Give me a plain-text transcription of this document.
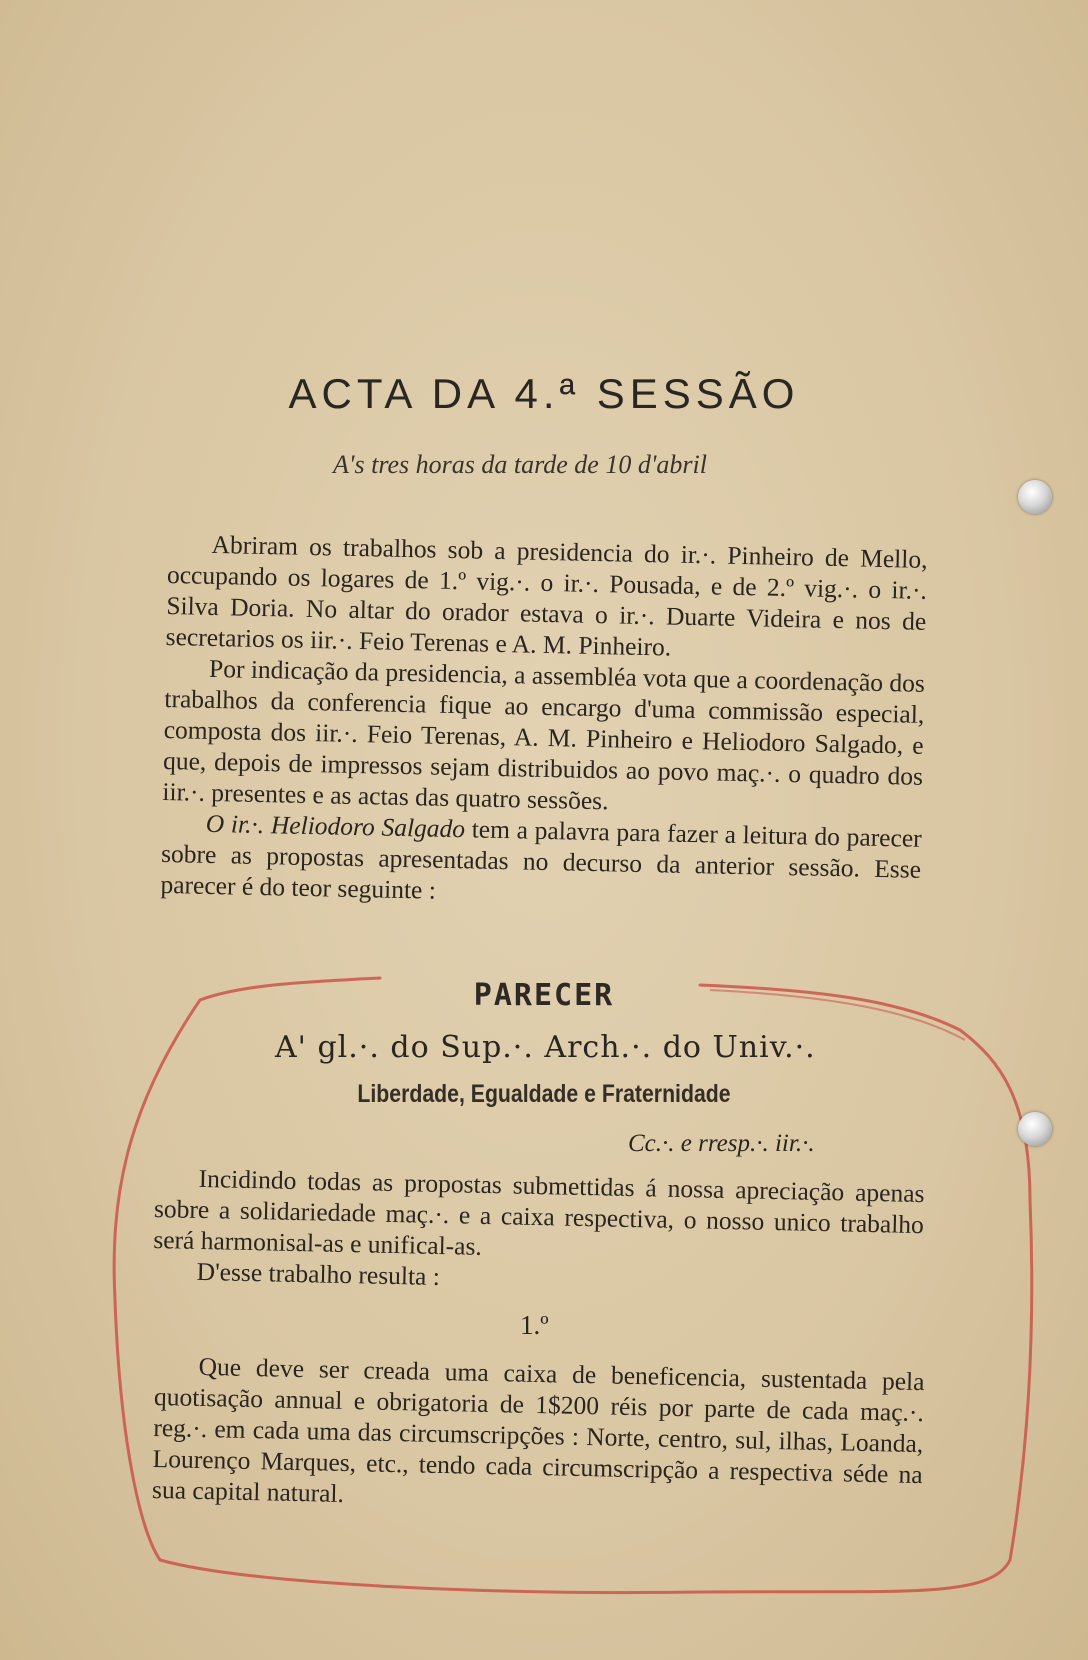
ACTA DA 4.ª SESSÃO
A's tres horas da tarde de 10 d'abril

Abriram os trabalhos sob a presidencia do ir.·. Pinheiro de Mello, occupando os logares de 1.º vig.·. o ir.·. Pousada, e de 2.º vig.·. o ir.·. Silva Doria. No altar do orador estava o ir.·. Duarte Videira e nos de secretarios os iir.·. Feio Terenas e A. M. Pinheiro.

Por indicação da presidencia, a assembléa vota que a coordenação dos trabalhos da conferencia fique ao encargo d'uma commissão especial, composta dos iir.·. Feio Terenas, A. M. Pinheiro e Heliodoro Salgado, e que, depois de impressos sejam distribuidos ao povo maç.·. o quadro dos iir.·. presentes e as actas das quatro sessões.

O ir.·. Heliodoro Salgado tem a palavra para fazer a leitura do parecer sobre as propostas apresentadas no decurso da anterior sessão. Esse parecer é do teor seguinte :

PARECER
A' gl.·. do Sup.·. Arch.·. do Univ.·.
Liberdade, Egualdade e Fraternidade
Cc.·. e rresp.·. iir.·.

Incidindo todas as propostas submettidas á nossa apreciação apenas sobre a solidariedade maç.·. e a caixa respectiva, o nosso unico trabalho será harmonisal-as e unifical-as.

D'esse trabalho resulta :

1.º

Que deve ser creada uma caixa de beneficencia, sustentada pela quotisação annual e obrigatoria de 1$200 réis por parte de cada maç.·. reg.·. em cada uma das circumscripções : Norte, centro, sul, ilhas, Loanda, Lourenço Marques, etc., tendo cada circumscripção a respectiva séde na sua capital natural.
